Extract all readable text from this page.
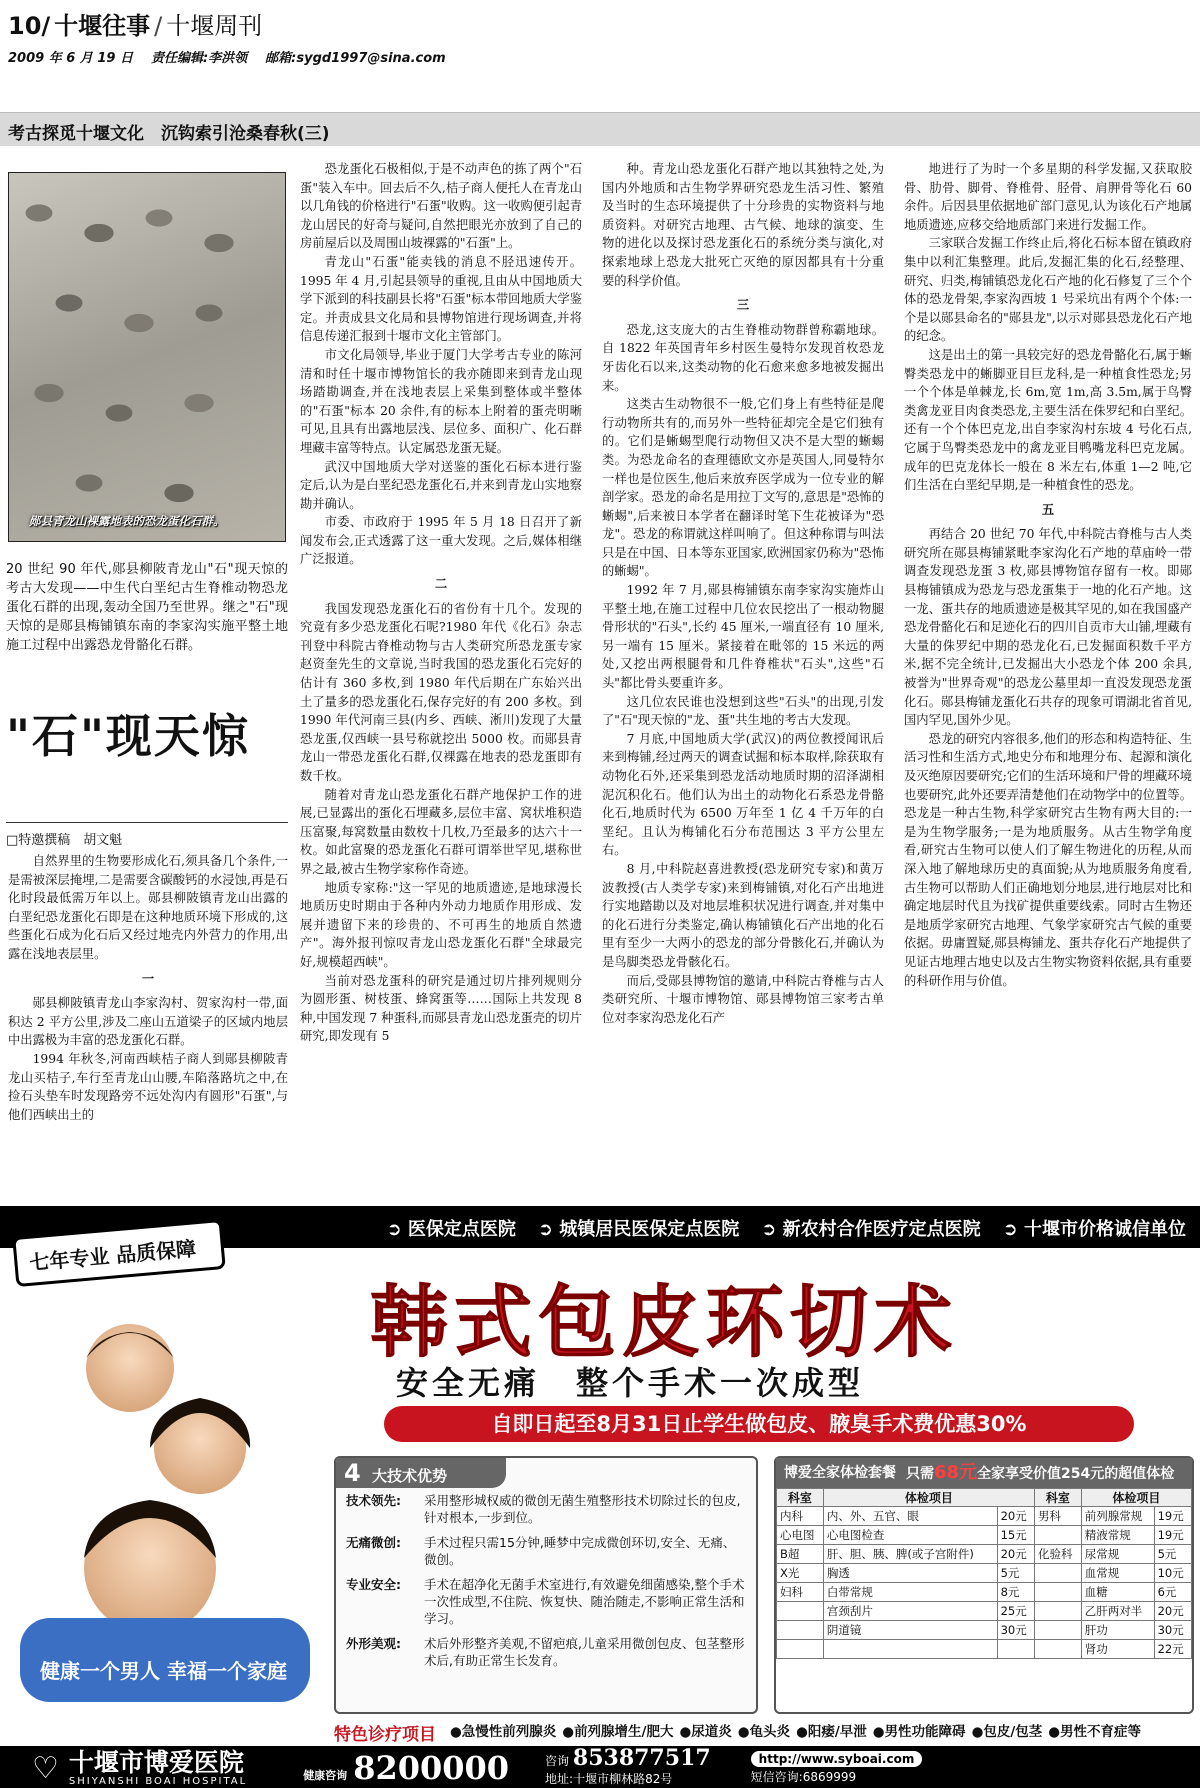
10/ 十堰往事 / 十堰周刊
2009 年 6 月 19 日 责任编辑:李洪领 邮箱:sygd1997@sina.com
考古探觅十堰文化　沉钩索引沧桑春秋(三)
郧县青龙山裸露地表的恐龙蛋化石群。
20 世纪 90 年代,郧县柳陂青龙山"石"现天惊的考古大发现——中生代白垩纪古生脊椎动物恐龙蛋化石群的出现,轰动全国乃至世界。继之"石"现天惊的是郧县梅铺镇东南的李家沟实施平整土地施工过程中出露恐龙骨骼化石群。
"石"现天惊
□特邀撰稿　胡文魁

自然界里的生物要形成化石,须具备几个条件,一是需被深层掩埋,二是需要含碳酸钙的水浸蚀,再是石化时段最低需万年以上。郧县柳陂镇青龙山出露的白垩纪恐龙蛋化石即是在这种地质环境下形成的,这些蛋化石成为化石后又经过地壳内外营力的作用,出露在浅地表层里。

一

郧县柳陂镇青龙山李家沟村、贺家沟村一带,面积达 2 平方公里,涉及二座山五道梁子的区域内地层中出露极为丰富的恐龙蛋化石群。

1994 年秋冬,河南西峡桔子商人到郧县柳陂青龙山买桔子,车行至青龙山山腰,车陷落路坑之中,在捡石头垫车时发现路旁不远处沟内有圆形"石蛋",与他们西峡出土的

恐龙蛋化石极相似,于是不动声色的拣了两个"石蛋"装入车中。回去后不久,桔子商人便托人在青龙山以几角钱的价格进行"石蛋"收购。这一收购便引起青龙山居民的好奇与疑问,自然把眼光亦放到了自己的房前屋后以及周围山坡裸露的"石蛋"上。

青龙山"石蛋"能卖钱的消息不胫迅速传开。1995 年 4 月,引起县领导的重视,且由从中国地质大学下派到的科技副县长将"石蛋"标本带回地质大学鉴定。并责成县文化局和县博物馆进行现场调查,并将信息传递汇报到十堰市文化主管部门。

市文化局领导,毕业于厦门大学考古专业的陈河清和时任十堰市博物馆长的我亦随即来到青龙山现场踏勘调查,并在浅地表层上采集到整体或半整体的"石蛋"标本 20 余件,有的标本上附着的蛋壳明晰可见,且具有出露地层浅、层位多、面积广、化石群埋藏丰富等特点。认定属恐龙蛋无疑。

武汉中国地质大学对送鉴的蛋化石标本进行鉴定后,认为是白垩纪恐龙蛋化石,并来到青龙山实地察勘并确认。

市委、市政府于 1995 年 5 月 18 日召开了新闻发布会,正式透露了这一重大发现。之后,媒体相继广泛报道。

二

我国发现恐龙蛋化石的省份有十几个。发现的究竟有多少恐龙蛋化石呢?1980 年代《化石》杂志刊登中科院古脊椎动物与古人类研究所恐龙蛋专家赵资奎先生的文章说,当时我国的恐龙蛋化石完好的估计有 360 多枚,到 1980 年代后期在广东始兴出土了量多的恐龙蛋化石,保存完好的有 200 多枚。到 1990 年代河南三县(内乡、西峡、淅川)发现了大量恐龙蛋,仅西峡一县号称就挖出 5000 枚。而郧县青龙山一带恐龙蛋化石群,仅裸露在地表的恐龙蛋即有数千枚。

随着对青龙山恐龙蛋化石群产地保护工作的进展,已显露出的蛋化石埋藏多,层位丰富、窝状堆积造压富聚,每窝数量由数枚十几枚,乃至最多的达六十一枚。如此富聚的恐龙蛋化石群可谓举世罕见,堪称世界之最,被古生物学家称作奇迹。

地质专家称:"这一罕见的地质遗迹,是地球漫长地质历史时期由于各种内外动力地质作用形成、发展并遗留下来的珍贵的、不可再生的地质自然遗产"。海外报刊惊叹青龙山恐龙蛋化石群"全球最完好,规模超西峡"。

当前对恐龙蛋科的研究是通过切片排列规则分为圆形蛋、树枝蛋、蜂窝蛋等……国际上共发现 8 种,中国发现 7 种蛋科,而郧县青龙山恐龙蛋壳的切片研究,即发现有 5

种。青龙山恐龙蛋化石群产地以其独特之处,为国内外地质和古生物学界研究恐龙生活习性、繁殖及当时的生态环境提供了十分珍贵的实物资料与地质资料。对研究古地理、古气候、地球的演变、生物的进化以及探讨恐龙蛋化石的系统分类与演化,对探索地球上恐龙大批死亡灭绝的原因都具有十分重要的科学价值。

三

恐龙,这支庞大的古生脊椎动物群曾称霸地球。自 1822 年英国青年乡村医生曼特尔发现首枚恐龙牙齿化石以来,这类动物的化石愈来愈多地被发掘出来。

这类古生动物很不一般,它们身上有些特征是爬行动物所共有的,而另外一些特征却完全是它们独有的。它们是蜥蜴型爬行动物但又决不是大型的蜥蜴类。为恐龙命名的查理德欧文亦是英国人,同曼特尔一样也是位医生,他后来放弃医学成为一位专业的解剖学家。恐龙的命名是用拉丁文写的,意思是"恐怖的蜥蜴",后来被日本学者在翻译时笔下生花被译为"恐龙"。恐龙的称谓就这样叫响了。但这种称谓与叫法只是在中国、日本等东亚国家,欧洲国家仍称为"恐怖的蜥蜴"。

1992 年 7 月,郧县梅铺镇东南李家沟实施炸山平整土地,在施工过程中几位农民挖出了一根动物腿骨形状的"石头",长约 45 厘米,一端直径有 10 厘米,另一端有 15 厘米。紧接着在毗邻的 15 米远的两处,又挖出两根腿骨和几件脊椎状"石头",这些"石头"都比骨头要重许多。

这几位农民谁也没想到这些"石头"的出现,引发了"石"现天惊的"龙、蛋"共生地的考古大发现。

7 月底,中国地质大学(武汉)的两位教授闻讯后来到梅铺,经过两天的调查试掘和标本取样,除获取有动物化石外,还采集到恐龙活动地质时期的沼泽湖相泥沉积化石。他们认为出土的动物化石系恐龙骨骼化石,地质时代为 6500 万年至 1 亿 4 千万年的白垩纪。且认为梅铺化石分布范围达 3 平方公里左右。

8 月,中科院赵喜进教授(恐龙研究专家)和黄万波教授(古人类学专家)来到梅铺镇,对化石产出地进行实地踏勘以及对地层堆积状况进行调查,并对集中的化石进行分类鉴定,确认梅铺镇化石产出地的化石里有至少一大两小的恐龙的部分骨骸化石,并确认为是鸟脚类恐龙骨骸化石。

而后,受郧县博物馆的邀请,中科院古脊椎与古人类研究所、十堰市博物馆、郧县博物馆三家考古单位对李家沟恐龙化石产

地进行了为时一个多星期的科学发掘,又获取胶骨、肋骨、脚骨、脊椎骨、胫骨、肩胛骨等化石 60 余件。后因县里依据地矿部门意见,认为该化石产地属地质遗迹,应移交给地质部门来进行发掘工作。

三家联合发掘工作终止后,将化石标本留在镇政府集中以利汇集整理。此后,发掘汇集的化石,经整理、研究、归类,梅铺镇恐龙化石产地的化石修复了三个个体的恐龙骨架,李家沟西坡 1 号采坑出有两个个体:一个是以郧县命名的"郧县龙",以示对郧县恐龙化石产地的纪念。

这是出土的第一具较完好的恐龙骨骼化石,属于蜥臀类恐龙中的蜥脚亚目巨龙科,是一种植食性恐龙;另一个个体是单棘龙,长 6m,宽 1m,高 3.5m,属于鸟臀类禽龙亚目肉食类恐龙,主要生活在侏罗纪和白垩纪。还有一个个体巴克龙,出自李家沟村东坡 4 号化石点,它属于鸟臀类恐龙中的禽龙亚目鸭嘴龙科巴克龙属。成年的巴克龙体长一般在 8 米左右,体重 1—2 吨,它们生活在白垩纪早期,是一种植食性的恐龙。

五

再结合 20 世纪 70 年代,中科院古脊椎与古人类研究所在郧县梅铺紧毗李家沟化石产地的草庙岭一带调查发现恐龙蛋 3 枚,郧县博物馆存留有一枚。即郧县梅铺镇成为恐龙与恐龙蛋集于一地的化石产地。这一龙、蛋共存的地质遗迹是极其罕见的,如在我国盛产恐龙骨骼化石和足迹化石的四川自贡市大山铺,埋藏有大量的侏罗纪中期的恐龙化石,已发掘面积数千平方米,据不完全统计,已发掘出大小恐龙个体 200 余具,被誉为"世界奇观"的恐龙公墓里却一直没发现恐龙蛋化石。郧县梅铺龙蛋化石共存的现象可谓湖北省首见,国内罕见,国外少见。

恐龙的研究内容很多,他们的形态和构造特征、生活习性和生活方式,地史分布和地理分布、起源和演化及灭绝原因要研究;它们的生活环境和尸骨的埋藏环境也要研究,此外还要弄清楚他们在动物学中的位置等。恐龙是一种古生物,科学家研究古生物有两大目的:一是为生物学服务;一是为地质服务。从古生物学角度看,研究古生物可以使人们了解生物进化的历程,从而深入地了解地球历史的真面貌;从为地质服务角度看,古生物可以帮助人们正确地划分地层,进行地层对比和确定地层时代且为找矿提供重要线索。同时古生物还是地质学家研究古地理、气象学家研究古气候的重要依据。毋庸置疑,郧县梅铺龙、蛋共存化石产地提供了见证古地理古地史以及古生物实物资料依据,具有重要的科研作用与价值。

➲ 医保定点医院	➲ 城镇居民医保定点医院	➲ 新农村合作医疗定点医院	➲ 十堰市价格诚信单位
七年专业 品质保障
健康一个男人 幸福一个家庭
韩式包皮环切术
安全无痛　整个手术一次成型
自即日起至8月31日止学生做包皮、腋臭手术费优惠30%
4 大技术优势
技术领先:	采用整形城权威的微创无菌生殖整形技术切除过长的包皮,针对根本,一步到位。
无痛微创:	手术过程只需15分钟,睡梦中完成微创环切,安全、无痛、微创。
专业安全:	手术在超净化无菌手术室进行,有效避免细菌感染,整个手术一次性成型,不住院、恢复快、随治随走,不影响正常生活和学习。
外形美观:	术后外形整齐美观,不留疤痕,儿童采用微创包皮、包茎整形术后,有助正常生长发育。
博爱全家体检套餐 只需68元全家享受价值254元的超值体检
科室	体检项目		科室	体检项目	
内科	内、外、五官、眼	20元	男科	前列腺常规	19元
心电图	心电图检查	15元		精液常规	19元
B超	肝、胆、胰、脾(或子宫附件)	20元	化验科	尿常规	5元
X光	胸透	5元		血常规	10元
妇科	白带常规	8元		血糖	6元
	宫颈刮片	25元		乙肝两对半	20元
	阴道镜	30元		肝功	30元
				肾功	22元
特色诊疗项目	● 急慢性前列腺炎	● 前列腺增生/肥大	● 尿道炎	● 龟头炎	● 阳痿/早泄	● 男性功能障碍	● 包皮/包茎	● 男性不育症等
♡ 十堰市博爱医院
SHIYANSHI BOAI HOSPITAL	健康咨询 8200000	咨询 853877517
地址:十堰市柳林路82号
http://www.syboai.com
短信咨询:6869999
